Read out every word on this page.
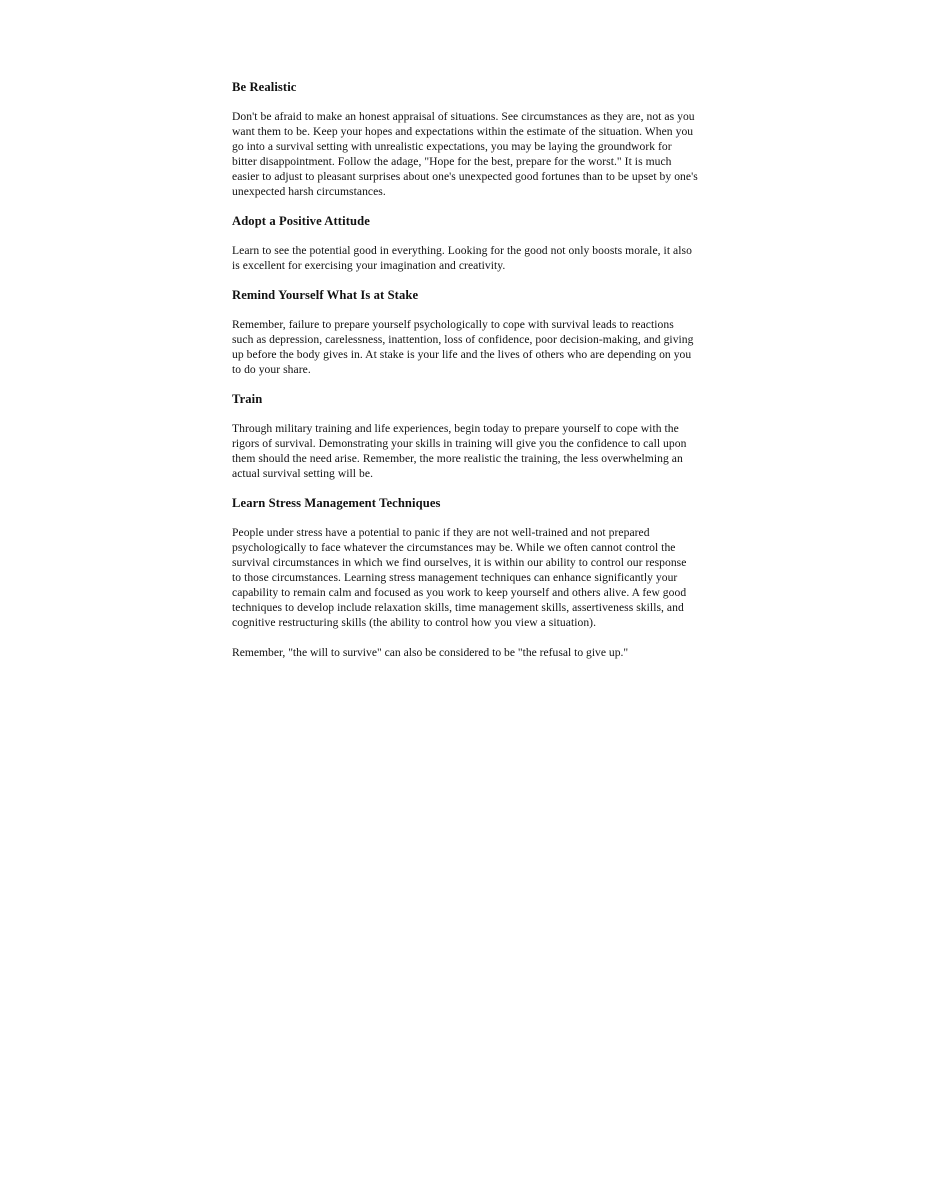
Be Realistic

Don't be afraid to make an honest appraisal of situations. See circumstances as they are, not as you want them to be. Keep your hopes and expectations within the estimate of the situation. When you go into a survival setting with unrealistic expectations, you may be laying the groundwork for bitter disappointment. Follow the adage, "Hope for the best, prepare for the worst." It is much easier to adjust to pleasant surprises about one's unexpected good fortunes than to be upset by one's unexpected harsh circumstances.

Adopt a Positive Attitude

Learn to see the potential good in everything. Looking for the good not only boosts morale, it also is excellent for exercising your imagination and creativity.

Remind Yourself What Is at Stake

Remember, failure to prepare yourself psychologically to cope with survival leads to reactions such as depression, carelessness, inattention, loss of confidence, poor decision-making, and giving up before the body gives in. At stake is your life and the lives of others who are depending on you to do your share.

Train

Through military training and life experiences, begin today to prepare yourself to cope with the rigors of survival. Demonstrating your skills in training will give you the confidence to call upon them should the need arise. Remember, the more realistic the training, the less overwhelming an actual survival setting will be.

Learn Stress Management Techniques

People under stress have a potential to panic if they are not well-trained and not prepared psychologically to face whatever the circumstances may be. While we often cannot control the survival circumstances in which we find ourselves, it is within our ability to control our response to those circumstances. Learning stress management techniques can enhance significantly your capability to remain calm and focused as you work to keep yourself and others alive. A few good techniques to develop include relaxation skills, time management skills, assertiveness skills, and cognitive restructuring skills (the ability to control how you view a situation).

Remember, "the will to survive" can also be considered to be "the refusal to give up."
